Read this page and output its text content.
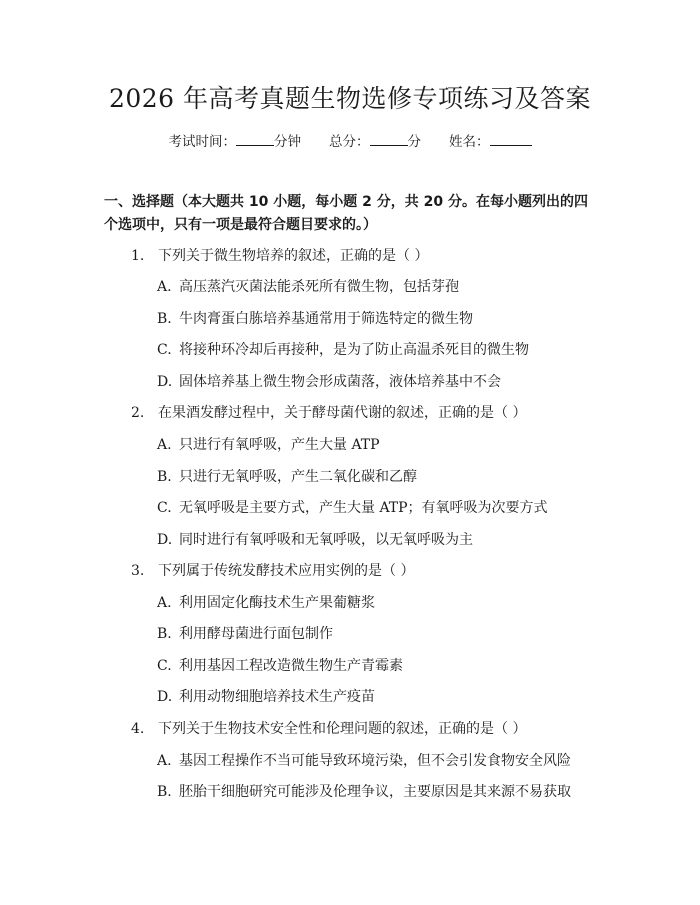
2026 年高考真题生物选修专项练习及答案
考试时间：	分钟 总分：	分 姓名：
一、选择题（本大题共 10 小题，每小题 2 分，共 20 分。在每小题列出的四个选项中，只有一项是最符合题目要求的。）
1. 下列关于微生物培养的叙述，正确的是（ ）
A. 高压蒸汽灭菌法能杀死所有微生物，包括芽孢
B. 牛肉膏蛋白胨培养基通常用于筛选特定的微生物
C. 将接种环冷却后再接种，是为了防止高温杀死目的微生物
D. 固体培养基上微生物会形成菌落，液体培养基中不会
2. 在果酒发酵过程中，关于酵母菌代谢的叙述，正确的是（ ）
A. 只进行有氧呼吸，产生大量 ATP
B. 只进行无氧呼吸，产生二氧化碳和乙醇
C. 无氧呼吸是主要方式，产生大量 ATP；有氧呼吸为次要方式
D. 同时进行有氧呼吸和无氧呼吸，以无氧呼吸为主
3. 下列属于传统发酵技术应用实例的是（ ）
A. 利用固定化酶技术生产果葡糖浆
B. 利用酵母菌进行面包制作
C. 利用基因工程改造微生物生产青霉素
D. 利用动物细胞培养技术生产疫苗
4. 下列关于生物技术安全性和伦理问题的叙述，正确的是（ ）
A. 基因工程操作不当可能导致环境污染，但不会引发食物安全风险
B. 胚胎干细胞研究可能涉及伦理争议，主要原因是其来源不易获取
